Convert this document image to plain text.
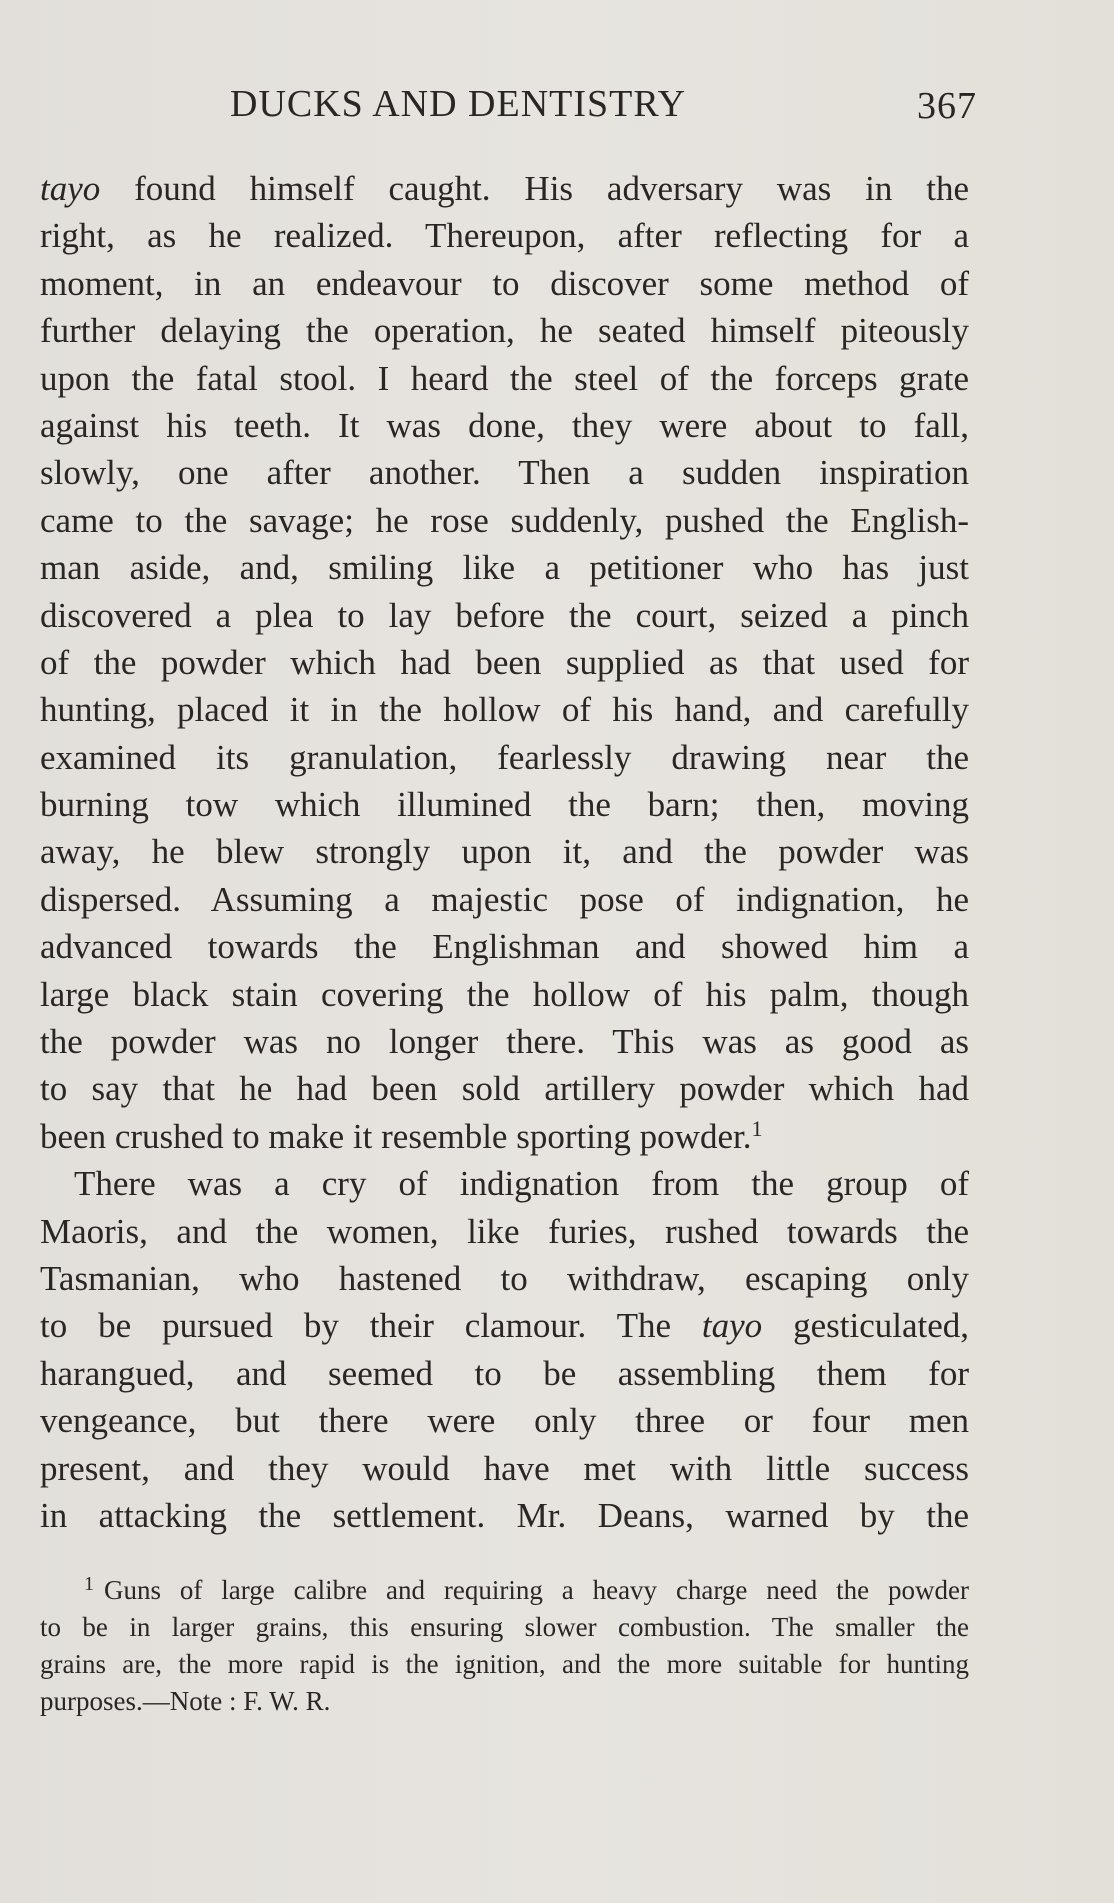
DUCKS AND DENTISTRY	367
tayo found himself caught. His adversary was in the
right, as he realized. Thereupon, after reflecting for a
moment, in an endeavour to discover some method of
further delaying the operation, he seated himself piteously
upon the fatal stool. I heard the steel of the forceps grate
against his teeth. It was done, they were about to fall,
slowly, one after another. Then a sudden inspiration
came to the savage; he rose suddenly, pushed the English-
man aside, and, smiling like a petitioner who has just
discovered a plea to lay before the court, seized a pinch
of the powder which had been supplied as that used for
hunting, placed it in the hollow of his hand, and carefully
examined its granulation, fearlessly drawing near the
burning tow which illumined the barn; then, moving
away, he blew strongly upon it, and the powder was
dispersed. Assuming a majestic pose of indignation, he
advanced towards the Englishman and showed him a
large black stain covering the hollow of his palm, though
the powder was no longer there. This was as good as
to say that he had been sold artillery powder which had
been crushed to make it resemble sporting powder.$^1$
There was a cry of indignation from the group of
Maoris, and the women, like furies, rushed towards the
Tasmanian, who hastened to withdraw, escaping only
to be pursued by their clamour. The tayo gesticulated,
harangued, and seemed to be assembling them for
vengeance, but there were only three or four men
present, and they would have met with little success
in attacking the settlement. Mr. Deans, warned by the
$^1$ Guns of large calibre and requiring a heavy charge need the powder
to be in larger grains, this ensuring slower combustion. The smaller the
grains are, the more rapid is the ignition, and the more suitable for hunting
purposes.—Note : F. W. R.
